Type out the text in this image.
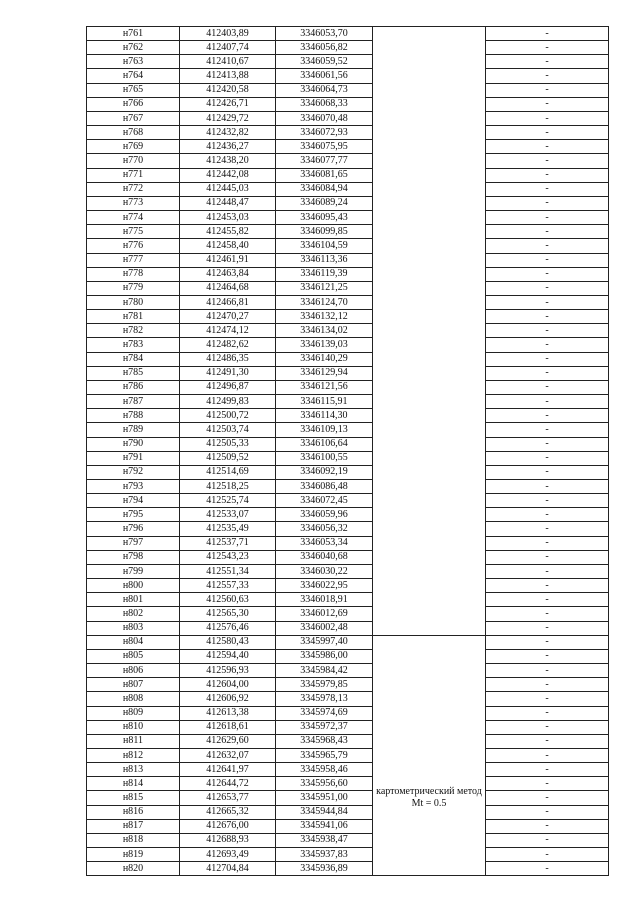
н761	412403,89	3346053,70		-
н762	412407,74	3346056,82		-
н763	412410,67	3346059,52		-
н764	412413,88	3346061,56		-
н765	412420,58	3346064,73		-
н766	412426,71	3346068,33		-
н767	412429,72	3346070,48		-
н768	412432,82	3346072,93		-
н769	412436,27	3346075,95		-
н770	412438,20	3346077,77		-
н771	412442,08	3346081,65		-
н772	412445,03	3346084,94		-
н773	412448,47	3346089,24		-
н774	412453,03	3346095,43		-
н775	412455,82	3346099,85		-
н776	412458,40	3346104,59		-
н777	412461,91	3346113,36		-
н778	412463,84	3346119,39		-
н779	412464,68	3346121,25		-
н780	412466,81	3346124,70		-
н781	412470,27	3346132,12		-
н782	412474,12	3346134,02		-
н783	412482,62	3346139,03		-
н784	412486,35	3346140,29		-
н785	412491,30	3346129,94		-
н786	412496,87	3346121,56		-
н787	412499,83	3346115,91		-
н788	412500,72	3346114,30		-
н789	412503,74	3346109,13		-
н790	412505,33	3346106,64		-
н791	412509,52	3346100,55		-
н792	412514,69	3346092,19		-
н793	412518,25	3346086,48		-
н794	412525,74	3346072,45		-
н795	412533,07	3346059,96		-
н796	412535,49	3346056,32		-
н797	412537,71	3346053,34		-
н798	412543,23	3346040,68		-
н799	412551,34	3346030,22		-
н800	412557,33	3346022,95		-
н801	412560,63	3346018,91		-
н802	412565,30	3346012,69		-
н803	412576,46	3346002,48		-
н804	412580,43	3345997,40	картометрический метод Mt = 0.5	-
н805	412594,40	3345986,00		-
н806	412596,93	3345984,42		-
н807	412604,00	3345979,85		-
н808	412606,92	3345978,13		-
н809	412613,38	3345974,69		-
н810	412618,61	3345972,37		-
н811	412629,60	3345968,43		-
н812	412632,07	3345965,79		-
н813	412641,97	3345958,46		-
н814	412644,72	3345956,60		-
н815	412653,77	3345951,00		-
н816	412665,32	3345944,84		-
н817	412676,00	3345941,06		-
н818	412688,93	3345938,47		-
н819	412693,49	3345937,83		-
н820	412704,84	3345936,89		-
